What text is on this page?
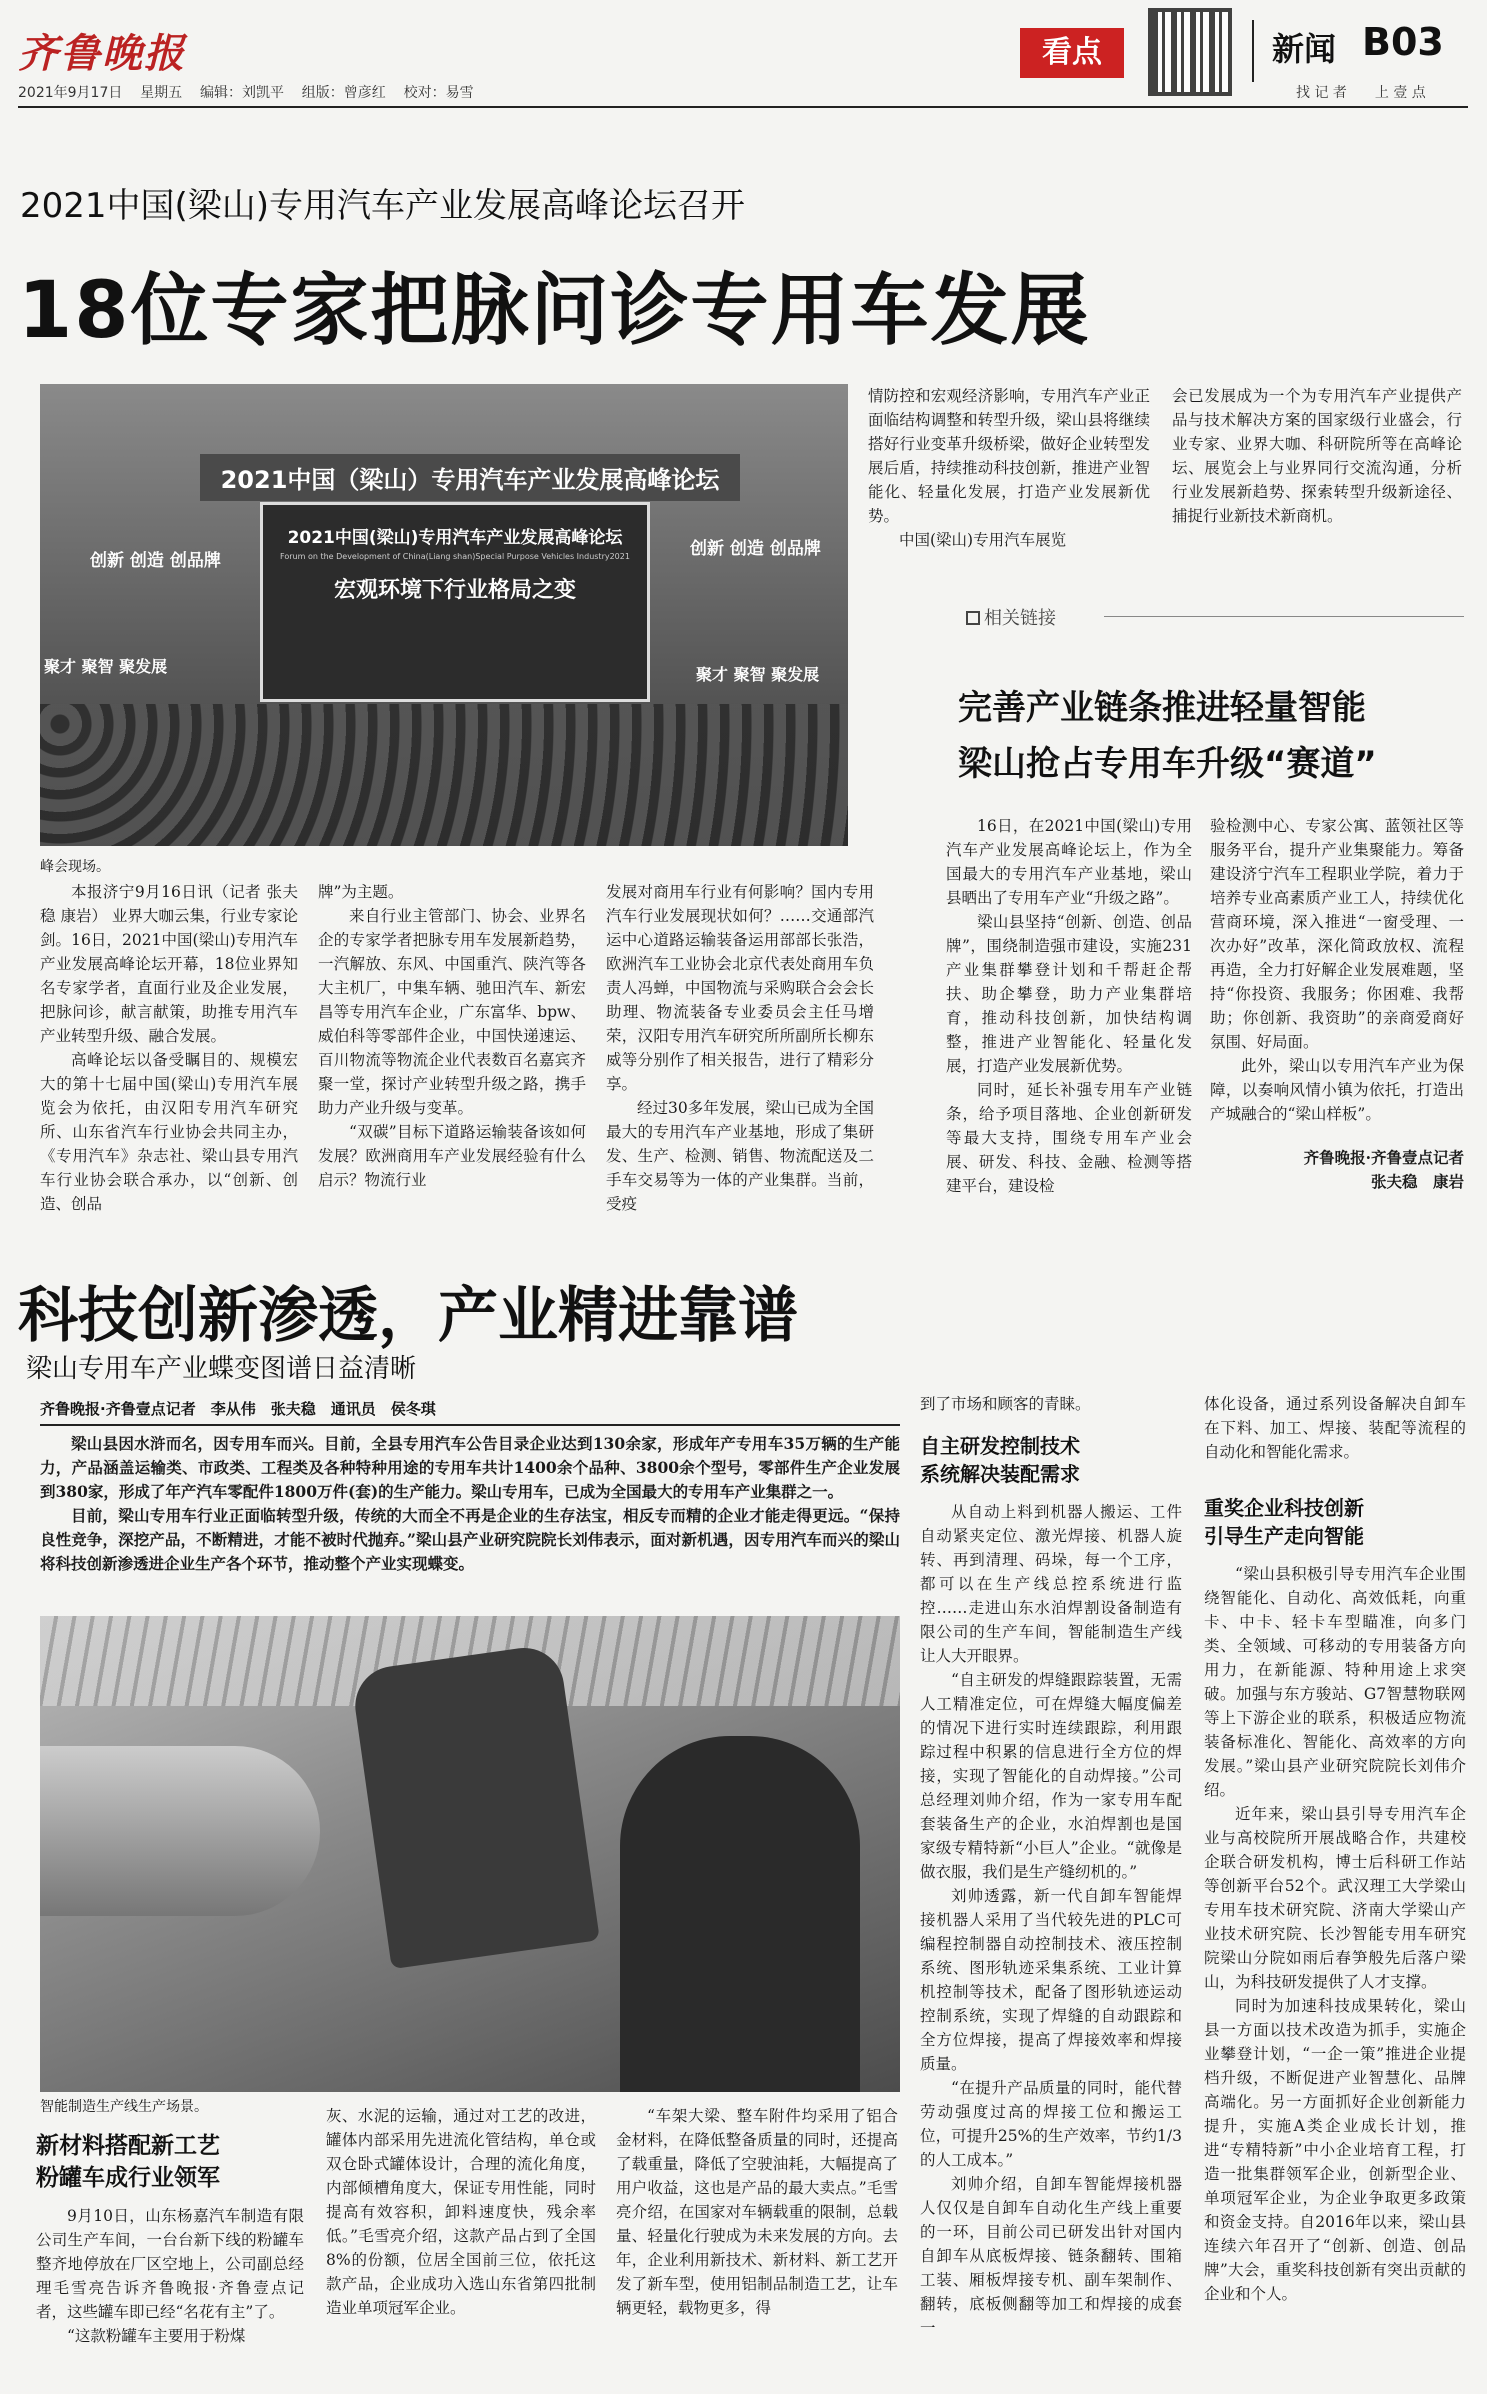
齐鲁晚报
2021年9月17日 星期五 编辑：刘凯平 组版：曾彦红 校对：易雪
看点	新闻 B03
找 记 者　　上 壹 点
2021中国(梁山)专用汽车产业发展高峰论坛召开
18位专家把脉问诊专用车发展
2021中国（梁山）专用汽车产业发展高峰论坛
2021中国(梁山)专用汽车产业发展高峰论坛
Forum on the Development of China(Liang shan)Special Purpose Vehicles Industry2021
宏观环境下行业格局之变
创新 创造 创品牌
创新 创造 创品牌
聚才 聚智 聚发展	聚才 聚智 聚发展
峰会现场。

本报济宁9月16日讯（记者 张夫稳 康岩） 业界大咖云集，行业专家论剑。16日，2021中国(梁山)专用汽车产业发展高峰论坛开幕，18位业界知名专家学者，直面行业及企业发展，把脉问诊，献言献策，助推专用汽车产业转型升级、融合发展。

高峰论坛以备受瞩目的、规模宏大的第十七届中国(梁山)专用汽车展览会为依托，由汉阳专用汽车研究所、山东省汽车行业协会共同主办，《专用汽车》杂志社、梁山县专用汽车行业协会联合承办，以“创新、创造、创品

牌”为主题。

来自行业主管部门、协会、业界名企的专家学者把脉专用车发展新趋势，一汽解放、东风、中国重汽、陕汽等各大主机厂，中集车辆、驰田汽车、新宏昌等专用汽车企业，广东富华、bpw、威伯科等零部件企业，中国快递速运、百川物流等物流企业代表数百名嘉宾齐聚一堂，探讨产业转型升级之路，携手助力产业升级与变革。

“双碳”目标下道路运输装备该如何发展？欧洲商用车产业发展经验有什么启示？物流行业

发展对商用车行业有何影响？国内专用汽车行业发展现状如何？……交通部汽运中心道路运输装备运用部部长张浩，欧洲汽车工业协会北京代表处商用车负责人冯蝉，中国物流与采购联合会会长助理、物流装备专业委员会主任马增荣，汉阳专用汽车研究所所副所长柳东威等分别作了相关报告，进行了精彩分享。

经过30多年发展，梁山已成为全国最大的专用汽车产业基地，形成了集研发、生产、检测、销售、物流配送及二手车交易等为一体的产业集群。当前，受疫

情防控和宏观经济影响，专用汽车产业正面临结构调整和转型升级，梁山县将继续搭好行业变革升级桥梁，做好企业转型发展后盾，持续推动科技创新，推进产业智能化、轻量化发展，打造产业发展新优势。

中国(梁山)专用汽车展览

会已发展成为一个为专用汽车产业提供产品与技术解决方案的国家级行业盛会，行业专家、业界大咖、科研院所等在高峰论坛、展览会上与业界同行交流沟通，分析行业发展新趋势、探索转型升级新途径、捕捉行业新技术新商机。

相关链接
完善产业链条推进轻量智能
梁山抢占专用车升级“赛道”

16日，在2021中国(梁山)专用汽车产业发展高峰论坛上，作为全国最大的专用汽车产业基地，梁山县晒出了专用车产业“升级之路”。

梁山县坚持“创新、创造、创品牌”，围绕制造强市建设，实施231产业集群攀登计划和千帮赶企帮扶、助企攀登，助力产业集群培育，推动科技创新，加快结构调整，推进产业智能化、轻量化发展，打造产业发展新优势。

同时，延长补强专用车产业链条，给予项目落地、企业创新研发等最大支持，围绕专用车产业会展、研发、科技、金融、检测等搭建平台，建设检

验检测中心、专家公寓、蓝领社区等服务平台，提升产业集聚能力。筹备建设济宁汽车工程职业学院，着力于培养专业高素质产业工人，持续优化营商环境，深入推进“一窗受理、一次办好”改革，深化简政放权、流程再造，全力打好解企业发展难题，坚持“你投资、我服务；你困难、我帮助；你创新、我资助”的亲商爱商好氛围、好局面。

此外，梁山以专用汽车产业为保障，以奏响风情小镇为依托，打造出产城融合的“梁山样板”。

齐鲁晚报·齐鲁壹点记者
张夫稳　康岩
科技创新渗透，产业精进靠谱
梁山专用车产业蝶变图谱日益清晰
齐鲁晚报·齐鲁壹点记者　李从伟　张夫稳　通讯员　侯冬琪

梁山县因水浒而名，因专用车而兴。目前，全县专用汽车公告目录企业达到130余家，形成年产专用车35万辆的生产能力，产品涵盖运输类、市政类、工程类及各种特种用途的专用车共计1400余个品种、3800余个型号，零部件生产企业发展到380家，形成了年产汽车零配件1800万件(套)的生产能力。梁山专用车，已成为全国最大的专用车产业集群之一。

目前，梁山专用车行业正面临转型升级，传统的大而全不再是企业的生存法宝，相反专而精的企业才能走得更远。“保持良性竞争，深挖产品，不断精进，才能不被时代抛弃。”梁山县产业研究院院长刘伟表示，面对新机遇，因专用汽车而兴的梁山将科技创新渗透进企业生产各个环节，推动整个产业实现蝶变。

智能制造生产线生产场景。
新材料搭配新工艺
粉罐车成行业领军

9月10日，山东杨嘉汽车制造有限公司生产车间，一台台新下线的粉罐车整齐地停放在厂区空地上，公司副总经理毛雪亮告诉齐鲁晚报·齐鲁壹点记者，这些罐车即已经“名花有主”了。

“这款粉罐车主要用于粉煤

灰、水泥的运输，通过对工艺的改进，罐体内部采用先进流化管结构，单仓或双仓卧式罐体设计，合理的流化角度，内部倾槽角度大，保证专用性能，同时提高有效容积，卸料速度快，残余率低。”毛雪亮介绍，这款产品占到了全国8%的份额，位居全国前三位，依托这款产品，企业成功入选山东省第四批制造业单项冠军企业。

“车架大梁、整车附件均采用了铝合金材料，在降低整备质量的同时，还提高了载重量，降低了空驶油耗，大幅提高了用户收益，这也是产品的最大卖点。”毛雪亮介绍，在国家对车辆载重的限制，总载量、轻量化行驶成为未来发展的方向。去年，企业利用新技术、新材料、新工艺开发了新车型，使用铝制品制造工艺，让车辆更轻，载物更多，得

到了市场和顾客的青睐。
自主研发控制技术
系统解决装配需求

从自动上料到机器人搬运、工件自动紧夹定位、激光焊接、机器人旋转、再到清理、码垛，每一个工序，都可以在生产线总控系统进行监控……走进山东水泊焊割设备制造有限公司的生产车间，智能制造生产线让人大开眼界。

“自主研发的焊缝跟踪装置，无需人工精准定位，可在焊缝大幅度偏差的情况下进行实时连续跟踪，利用跟踪过程中积累的信息进行全方位的焊接，实现了智能化的自动焊接。”公司总经理刘帅介绍，作为一家专用车配套装备生产的企业，水泊焊割也是国家级专精特新“小巨人”企业。“就像是做衣服，我们是生产缝纫机的。”

刘帅透露，新一代自卸车智能焊接机器人采用了当代较先进的PLC可编程控制器自动控制技术、液压控制系统、图形轨迹采集系统、工业计算机控制等技术，配备了图形轨迹运动控制系统，实现了焊缝的自动跟踪和全方位焊接，提高了焊接效率和焊接质量。

“在提升产品质量的同时，能代替劳动强度过高的焊接工位和搬运工位，可提升25%的生产效率，节约1/3的人工成本。”

刘帅介绍，自卸车智能焊接机器人仅仅是自卸车自动化生产线上重要的一环，目前公司已研发出针对国内自卸车从底板焊接、链条翻转、围箱工装、厢板焊接专机、副车架制作、翻转，底板侧翻等加工和焊接的成套一

体化设备，通过系列设备解决自卸车在下料、加工、焊接、装配等流程的自动化和智能化需求。
重奖企业科技创新
引导生产走向智能

“梁山县积极引导专用汽车企业围绕智能化、自动化、高效低耗，向重卡、中卡、轻卡车型瞄准，向多门类、全领域、可移动的专用装备方向用力，在新能源、特种用途上求突破。加强与东方骏站、G7智慧物联网等上下游企业的联系，积极适应物流装备标准化、智能化、高效率的方向发展。”梁山县产业研究院院长刘伟介绍。

近年来，梁山县引导专用汽车企业与高校院所开展战略合作，共建校企联合研发机构，博士后科研工作站等创新平台52个。武汉理工大学梁山专用车技术研究院、济南大学梁山产业技术研究院、长沙智能专用车研究院梁山分院如雨后春笋般先后落户梁山，为科技研发提供了人才支撑。

同时为加速科技成果转化，梁山县一方面以技术改造为抓手，实施企业攀登计划，“一企一策”推进企业提档升级，不断促进产业智慧化、品牌高端化。另一方面抓好企业创新能力提升，实施A类企业成长计划，推进“专精特新”中小企业培育工程，打造一批集群领军企业，创新型企业、单项冠军企业，为企业争取更多政策和资金支持。自2016年以来，梁山县连续六年召开了“创新、创造、创品牌”大会，重奖科技创新有突出贡献的企业和个人。
